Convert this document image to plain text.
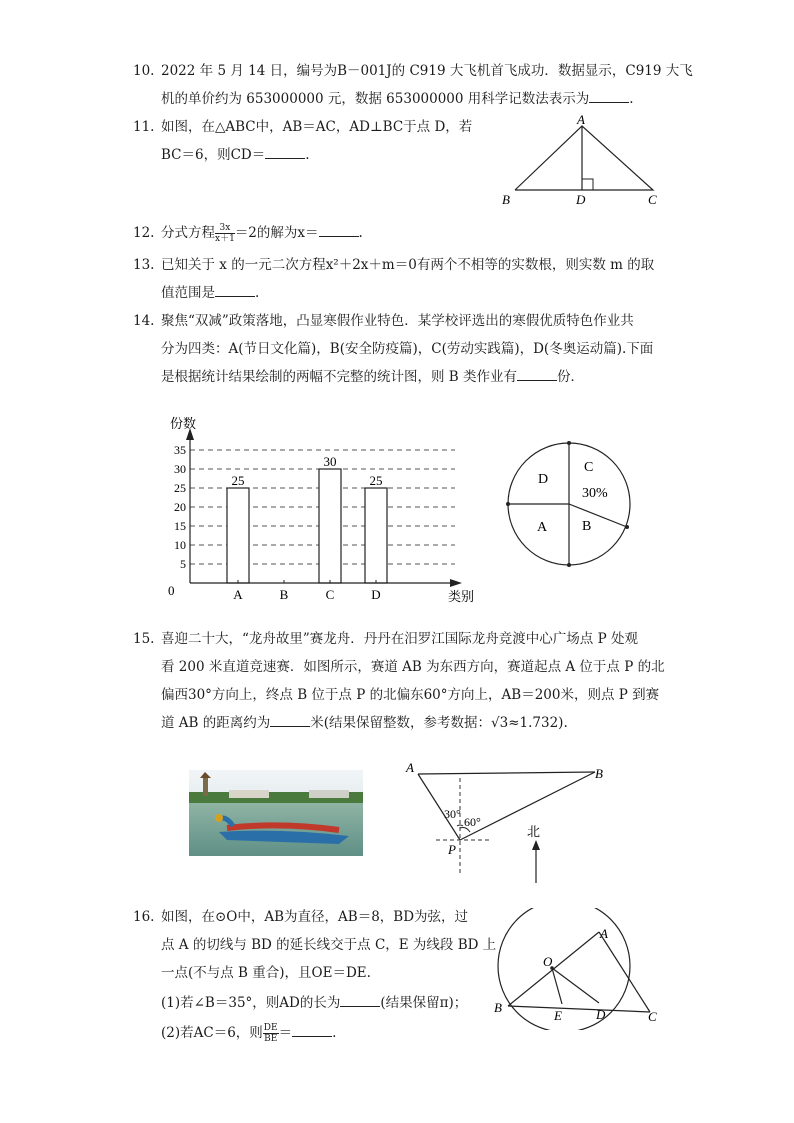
10. 2022 年 5 月 14 日，编号为B－001J的 C919 大飞机首飞成功．数据显示，C919 大飞
机的单价约为 653000000 元，数据 653000000 用科学记数法表示为	.
11. 如图，在△ABC中，AB＝AC，AD⊥BC于点 D，若
BC＝6，则CD＝	.
A
B	D	C
12. 分式方程 $\frac{3x}{x+1} =2$的解为x＝	.
13. 已知关于 x 的一元二次方程x²＋2x＋m＝0有两个不相等的实数根，则实数 m 的取
值范围是	.
14. 聚焦“双减”政策落地，凸显寒假作业特色．某学校评选出的寒假优质特色作业共
分为四类：A(节日文化篇)，B(安全防疫篇)，C(劳动实践篇)，D(冬奥运动篇).下面
是根据统计结果绘制的两幅不完整的统计图，则 B 类作业有	份．
5
10
15
20
25
30
35
A
25
B	C
30
D
25
份数
类别
0
D
C
30%
A B
15. 喜迎二十大，“龙舟故里”赛龙舟．丹丹在汨罗江国际龙舟竞渡中心广场点 P 处观
看 200 米直道竞速赛．如图所示，赛道 AB 为东西方向，赛道起点 A 位于点 P 的北
偏西30°方向上，终点 B 位于点 P 的北偏东60°方向上，AB＝200米，则点 P 到赛
道 AB 的距离约为	米(结果保留整数，参考数据：√3≈1.732).
A	B
P
30°
60°
北
16. 如图，在⊙O中，AB为直径，AB＝8，BD为弦，过
点 A 的切线与 BD 的延长线交于点 C，E 为线段 BD 上
一点(不与点 B 重合)，且OE＝DE.
(1)若∠B＝35°，则AD的长为	(结果保留π)；
(2)若AC＝6，则 $\frac{DE}{BE}$ ＝	.
O
A
B
E	D	C
